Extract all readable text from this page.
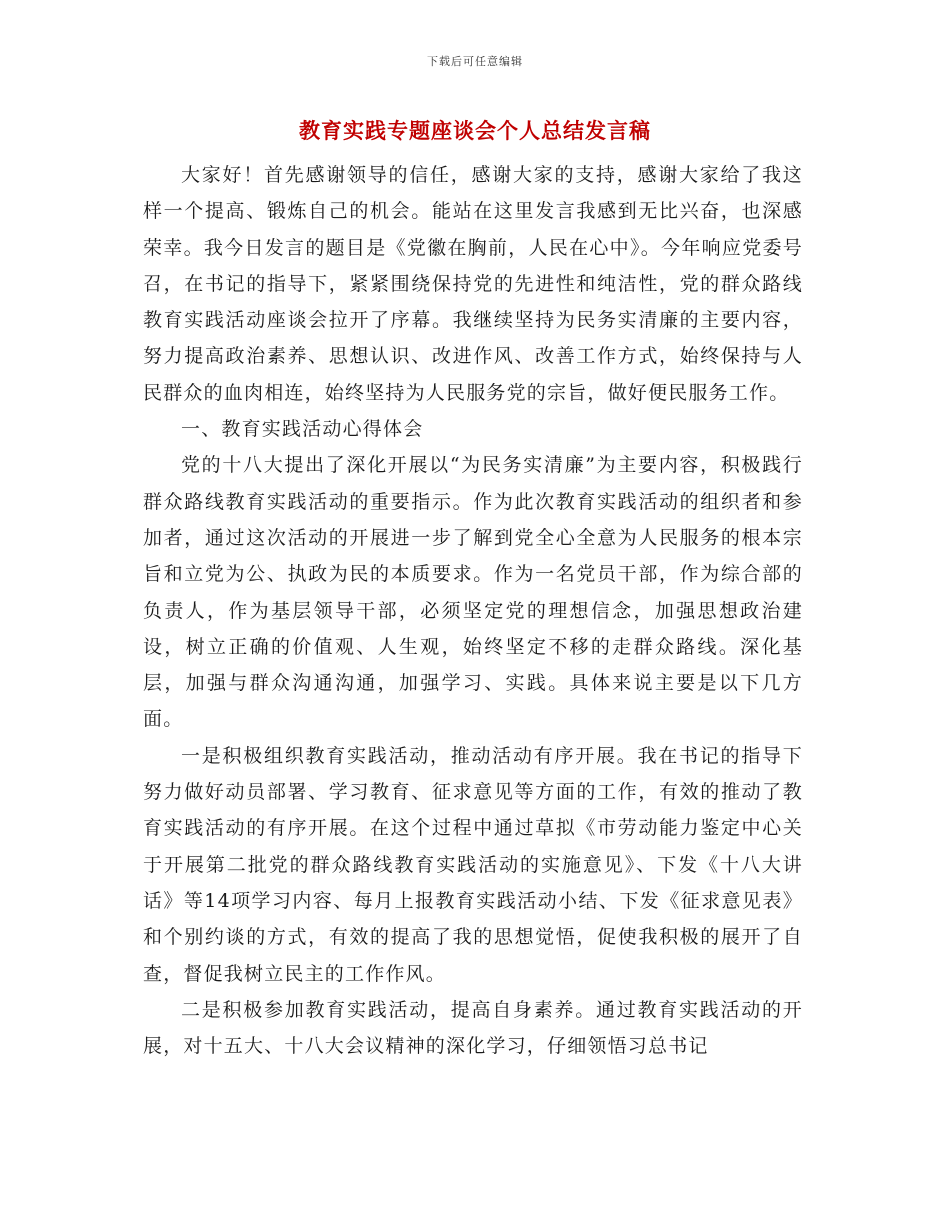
下载后可任意编辑
教育实践专题座谈会个人总结发言稿

大家好！首先感谢领导的信任，感谢大家的支持，感谢大家给了我这样一个提高、锻炼自己的机会。能站在这里发言我感到无比兴奋，也深感荣幸。我今日发言的题目是《党徽在胸前，人民在心中》。今年响应党委号召，在书记的指导下，紧紧围绕保持党的先进性和纯洁性，党的群众路线教育实践活动座谈会拉开了序幕。我继续坚持为民务实清廉的主要内容，努力提高政治素养、思想认识、改进作风、改善工作方式，始终保持与人民群众的血肉相连，始终坚持为人民服务党的宗旨，做好便民服务工作。

一、教育实践活动心得体会

党的十八大提出了深化开展以“为民务实清廉”为主要内容，积极践行群众路线教育实践活动的重要指示。作为此次教育实践活动的组织者和参加者，通过这次活动的开展进一步了解到党全心全意为人民服务的根本宗旨和立党为公、执政为民的本质要求。作为一名党员干部，作为综合部的负责人，作为基层领导干部，必须坚定党的理想信念，加强思想政治建设，树立正确的价值观、人生观，始终坚定不移的走群众路线。深化基层，加强与群众沟通沟通，加强学习、实践。具体来说主要是以下几方面。

一是积极组织教育实践活动，推动活动有序开展。我在书记的指导下努力做好动员部署、学习教育、征求意见等方面的工作，有效的推动了教育实践活动的有序开展。在这个过程中通过草拟《市劳动能力鉴定中心关于开展第二批党的群众路线教育实践活动的实施意见》、下发《十八大讲话》等14项学习内容、每月上报教育实践活动小结、下发《征求意见表》和个别约谈的方式，有效的提高了我的思想觉悟，促使我积极的展开了自查，督促我树立民主的工作作风。

二是积极参加教育实践活动，提高自身素养。通过教育实践活动的开展，对十五大、十八大会议精神的深化学习，仔细领悟习总书记
